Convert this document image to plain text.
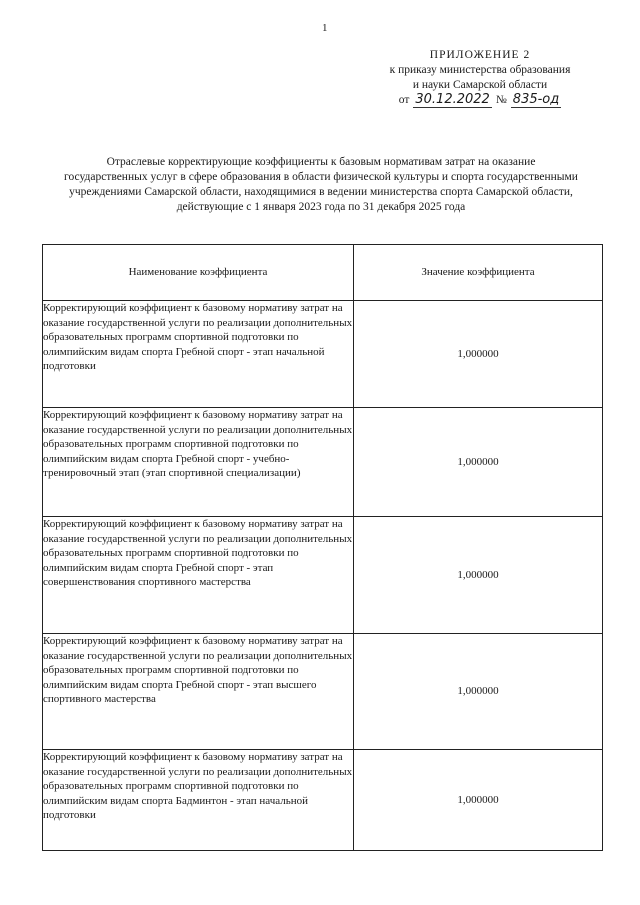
1
ПРИЛОЖЕНИЕ 2
к приказу министерства образования
и науки Самарской области
от 30.12.2022 № 835-од
Отраслевые корректирующие коэффициенты к базовым нормативам затрат на оказание
государственных услуг в сфере образования в области физической культуры и спорта государственными
учреждениями Самарской области, находящимися в ведении министерства спорта Самарской области,
действующие с 1 января 2023 года по 31 декабря 2025 года
Наименование коэффициента	Значение коэффициента
Корректирующий коэффициент к базовому нормативу затрат на оказание государственной услуги по реализации дополнительных образовательных программ спортивной подготовки по олимпийским видам спорта Гребной спорт - этап начальной подготовки	1,000000
Корректирующий коэффициент к базовому нормативу затрат на оказание государственной услуги по реализации дополнительных образовательных программ спортивной подготовки по олимпийским видам спорта Гребной спорт - учебно-тренировочный этап (этап спортивной специализации)	1,000000
Корректирующий коэффициент к базовому нормативу затрат на оказание государственной услуги по реализации дополнительных образовательных программ спортивной подготовки по олимпийским видам спорта Гребной спорт - этап совершенствования спортивного мастерства	1,000000
Корректирующий коэффициент к базовому нормативу затрат на оказание государственной услуги по реализации дополнительных образовательных программ спортивной подготовки по олимпийским видам спорта Гребной спорт - этап высшего спортивного мастерства	1,000000
Корректирующий коэффициент к базовому нормативу затрат на оказание государственной услуги по реализации дополнительных образовательных программ спортивной подготовки по олимпийским видам спорта Бадминтон - этап начальной подготовки	1,000000
